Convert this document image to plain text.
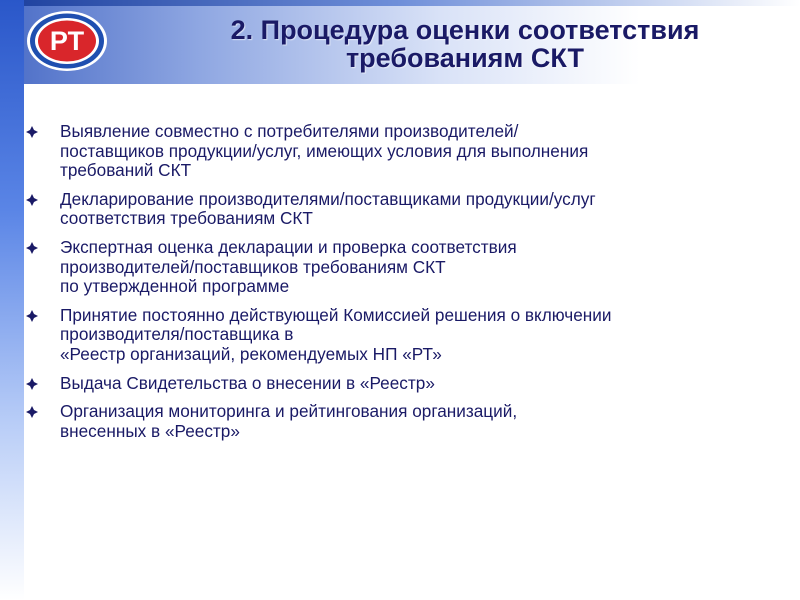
РТ	2. Процедура оценки соответствия
требованиям СКТ
Выявление совместно с потребителями производителей/
поставщиков продукции/услуг, имеющих условия для выполнения
требований СКТ
Декларирование производителями/поставщиками продукции/услуг
соответствия требованиям СКТ
Экспертная оценка декларации и проверка соответствия
производителей/поставщиков требованиям СКТ
по утвержденной программе
Принятие постоянно действующей Комиссией решения о включении
производителя/поставщика в
«Реестр организаций, рекомендуемых НП «РТ»
Выдача Свидетельства о внесении в «Реестр»
Организация мониторинга и рейтингования организаций,
внесенных в «Реестр»
